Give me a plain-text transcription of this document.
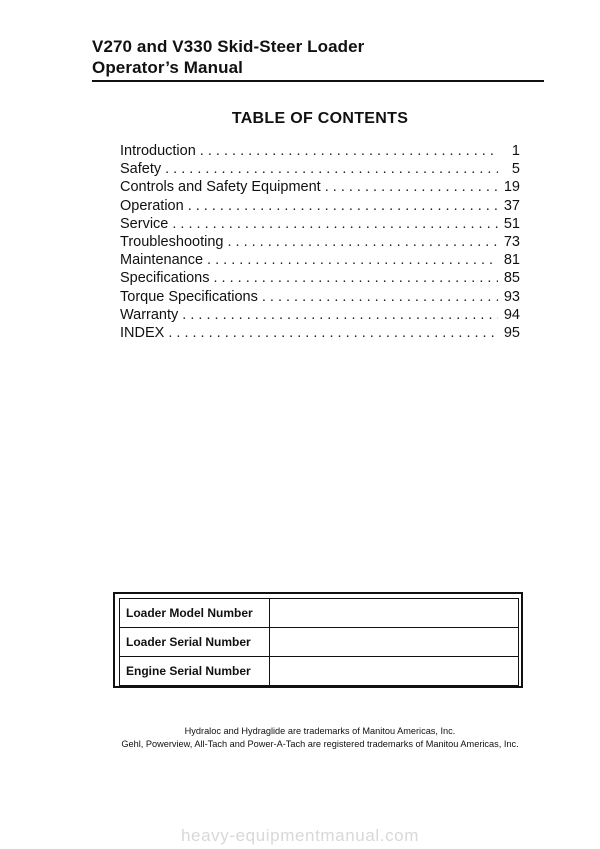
V270 and V330 Skid-Steer Loader
Operator’s Manual
TABLE OF CONTENTS
Introduction . . .	1
Safety . . .	5
Controls and Safety Equipment . . .	19
Operation . . .	37
Service . . .	51
Troubleshooting . . .	73
Maintenance . . .	81
Specifications . . .	85
Torque Specifications . . .	93
Warranty . . .	94
INDEX . . .	95
Loader Model Number	
Loader Serial Number	
Engine Serial Number	
Hydraloc and Hydraglide are trademarks of Manitou Americas, Inc.
Gehl, Powerview, All-Tach and Power-A-Tach are registered trademarks of Manitou Americas, Inc.
heavy-equipmentmanual.com
